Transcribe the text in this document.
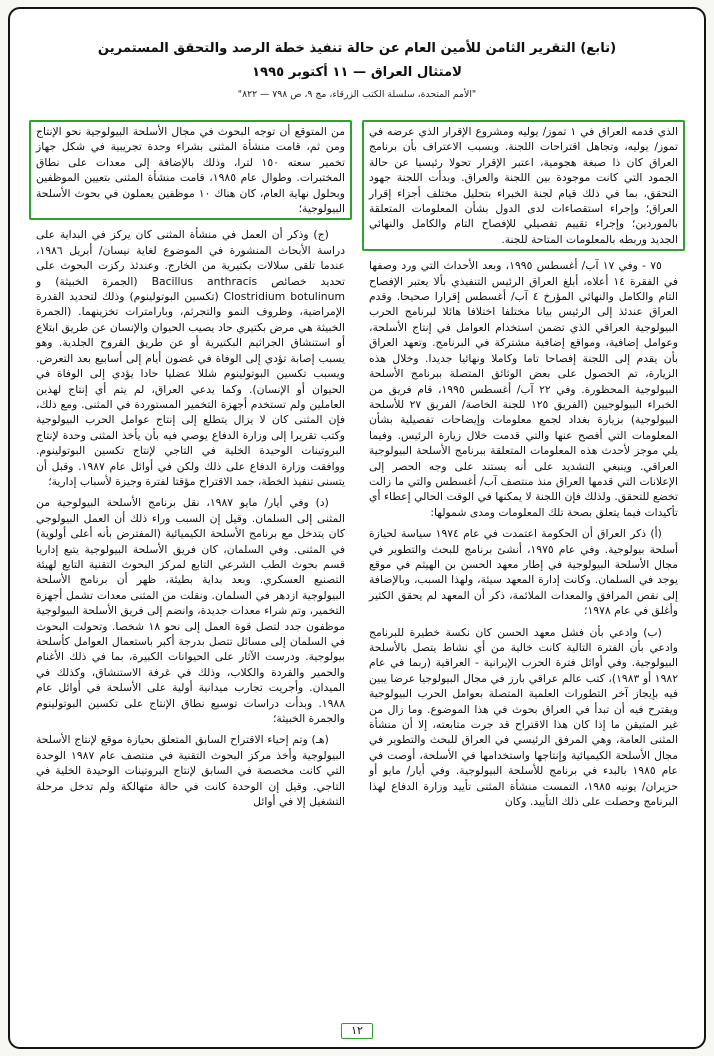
(تابع) التقرير الثامن للأمين العام عن حالة تنفيذ خطة الرصد والتحقق المستمرين
لامتثال العراق — ١١ أكتوبر ١٩٩٥
"الأمم المتحدة، سلسلة الكتب الزرقاء، مج ٩، ص ٧٩٨ — ٨٢٢"

الذي قدمه العراق في ١ تموز/ يوليه ومشروع الإقرار الذي عرضه في تموز/ يوليه، وتجاهل اقتراحات اللجنة. وبسبب الاعتراف بأن برنامج العراق كان ذا صبغة هجومية، اعتبر الإقرار تحولا رئيسيا عن حالة الجمود التي كانت موجودة بين اللجنة والعراق. وبدأت اللجنة جهود التحقق، بما في ذلك قيام لجنة الخبراء بتحليل مختلف أجزاء إقرار العراق؛ وإجراء استقصاءات لدى الدول بشأن المعلومات المتعلقة بالموردين؛ وإجراء تقييم تفصيلي للإفصاح التام والكامل والنهائي الجديد وربطه بالمعلومات المتاحة للجنة.

٧٥ - وفي ١٧ آب/ أغسطس ١٩٩٥، وبعد الأحداث التي ورد وصفها في الفقرة ١٤ أعلاه، أبلغ العراق الرئيس التنفيذي بألا يعتبر الإفصاح التام والكامل والنهائي المؤرخ ٤ آب/ أغسطس إقرارا صحيحا. وقدم العراق عندئذ إلى الرئيس بيانا مختلفا اختلافا هائلا لبرنامج الحرب البيولوجية العراقي الذي تضمن استخدام العوامل في إنتاج الأسلحة، وعوامل إضافية، ومواقع إضافية مشتركة في البرنامج. وتعهد العراق بأن يقدم إلى اللجنة إفصاحا تاما وكاملا ونهائيا جديدا. وخلال هذه الزيارة، تم الحصول على بعض الوثائق المتصلة ببرنامج الأسلحة البيولوجية المحظورة. وفي ٢٢ آب/ أغسطس ١٩٩٥، قام فريق من الخبراء البيولوجيين (الفريق ١٢٥ للجنة الخاصة/ الفريق ٢٧ للأسلحة البيولوجية) بزيارة بغداد لجمع معلومات وإيضاحات تفصيلية بشأن المعلومات التي أفصح عنها والتي قدمت خلال زيارة الرئيس. وفيما يلي موجز لأحدث هذه المعلومات المتعلقة ببرنامج الأسلحة البيولوجية العراقي. وينبغي التشديد على أنه يستند على وجه الحصر إلى الإعلانات التي قدمها العراق منذ منتصف آب/ أغسطس والتي ما زالت تخضع للتحقق. ولذلك فإن اللجنة لا يمكنها في الوقت الحالي إعطاء أي تأكيدات فيما يتعلق بصحة تلك المعلومات ومدى شمولها:

(أ) ذكر العراق أن الحكومة اعتمدت في عام ١٩٧٤ سياسة لحيازة أسلحة بيولوجية. وفي عام ١٩٧٥، أنشئ برنامج للبحث والتطوير في مجال الأسلحة البيولوجية في إطار معهد الحسن بن الهيثم في موقع يوجد في السلمان. وكانت إدارة المعهد سيئة، ولهذا السبب، وبالإضافة إلى نقص المرافق والمعدات الملائمة، ذكر أن المعهد لم يحقق الكثير وأغلق في عام ١٩٧٨؛

(ب) وادعي بأن فشل معهد الحسن كان نكسة خطيرة للبرنامج وادعي بأن الفترة التالية كانت خالية من أي نشاط يتصل بالأسلحة البيولوجية. وفي أوائل فترة الحرب الإيرانية - العراقية (ربما في عام ١٩٨٢ أو ١٩٨٣)، كتب عالم عراقي بارز في مجال البيولوجيا عرضا يبين فيه بإيجاز آخر التطورات العلمية المتصلة بعوامل الحرب البيولوجية ويقترح فيه أن تبدأ في العراق بحوث في هذا الموضوع. وما زال من غير المتيقن ما إذا كان هذا الاقتراح قد جرت متابعته، إلا أن منشأة المثنى العامة، وهي المرفق الرئيسي في العراق للبحث والتطوير في مجال الأسلحة الكيميائية وإنتاجها واستخدامها في الأسلحة، أوصت في عام ١٩٨٥ بالبدء في برنامج للأسلحة البيولوجية. وفي أيار/ مايو أو حزيران/ يونيه ١٩٨٥، التمست منشأة المثنى تأييد وزارة الدفاع لهذا البرنامج وحصلت على ذلك التأييد. وكان

من المتوقع أن توجه البحوث في مجال الأسلحة البيولوجية نحو الإنتاج ومن ثم، قامت منشأة المثنى بشراء وحدة تجريبية في شكل جهاز تخمير سعته ١٥٠ لترا، وذلك بالإضافة إلى معدات على نطاق المختبرات. وطوال عام ١٩٨٥، قامت منشأة المثنى بتعيين الموظفين وبحلول نهاية العام، كان هناك ١٠ موظفين يعملون في بحوث الأسلحة البيولوجية؛

(ج) وذكر أن العمل في منشأة المثنى كان يركز في البداية على دراسة الأبحاث المنشورة في الموضوع لغاية نيسان/ أبريل ١٩٨٦، عندما تلقى سلالات بكتيرية من الخارج. وعندئذ ركزت البحوث على تحديد خصائص Bacillus anthracis (الجمرة الخبيثة) و Clostridium botulinum (تكسين البوتولينوم) وذلك لتحديد القدرة الإمراضية، وظروف النمو والتجرثم، وبارامترات تخزينهما. (الجمرة الخبيثة هي مرض بكتيري حاد يصيب الحيوان والإنسان عن طريق ابتلاع أو استنشاق الجراثيم البكتيرية أو عن طريق القروح الجلدية. وهو يسبب إصابة تؤدي إلى الوفاة في غضون أيام إلى أسابيع بعد التعرض. ويسبب تكسين البوتولينوم شللا عضليا حادا يؤدي إلى الوفاة في الحيوان أو الإنسان). وكما يدعي العراق، لم يتم أي إنتاج لهذين العاملين ولم تستخدم أجهزة التخمير المستوردة في المثنى. ومع ذلك، فإن المثنى كان لا يزال يتطلع إلى إنتاج عوامل الحرب البيولوجية وكتب تقريرا إلى وزارة الدفاع يوصي فيه بأن يأخذ المثنى وحدة لإنتاج البروتينات الوحيدة الخلية في التاجي لإنتاج تكسين البوتولينوم. ووافقت وزارة الدفاع على ذلك ولكن في أوائل عام ١٩٨٧. وقبل أن يتسنى تنفيذ الخطة، جمد الاقتراح مؤقتا لفترة وجيزة لأسباب إدارية؛

(د) وفي أيار/ مايو ١٩٨٧، نقل برنامج الأسلحة البيولوجية من المثنى إلى السلمان. وقيل إن السبب وراء ذلك أن العمل البيولوجي كان يتدخل مع برنامج الأسلحة الكيميائية (المفترض بأنه أعلى أولوية) في المثنى. وفي السلمان، كان فريق الأسلحة البيولوجية يتبع إداريا قسم بحوث الطب الشرعي التابع لمركز البحوث التقنية التابع لهيئة التصنيع العسكري. وبعد بداية بطيئة، ظهر أن برنامج الأسلحة البيولوجية ازدهر في السلمان. ونقلت من المثنى معدات تشمل أجهزة التخمير، وتم شراء معدات جديدة، وانضم إلى فريق الأسلحة البيولوجية موظفون جدد لتصل قوة العمل إلى نحو ١٨ شخصا. وتحولت البحوث في السلمان إلى مسائل تتصل بدرجة أكبر باستعمال العوامل كأسلحة بيولوجية. ودرست الآثار على الحيوانات الكبيرة، بما في ذلك الأغنام والحمير والقردة والكلاب، وذلك في غرفة الاستنشاق، وكذلك في الميدان. وأجريت تجارب ميدانية أولية على الأسلحة في أوائل عام ١٩٨٨. وبدأت دراسات توسيع نطاق الإنتاج على تكسين البوتولينوم والجمرة الخبيثة؛

(هـ) وتم إحياء الاقتراح السابق المتعلق بحيازة موقع لإنتاج الأسلحة البيولوجية وأخذ مركز البحوث التقنية في منتصف عام ١٩٨٧ الوحدة التي كانت مخصصة في السابق لإنتاج البروتينات الوحيدة الخلية في التاجي. وقيل إن الوحدة كانت في حالة متهالكة ولم تدخل مرحلة التشغيل إلا في أوائل

١٢
